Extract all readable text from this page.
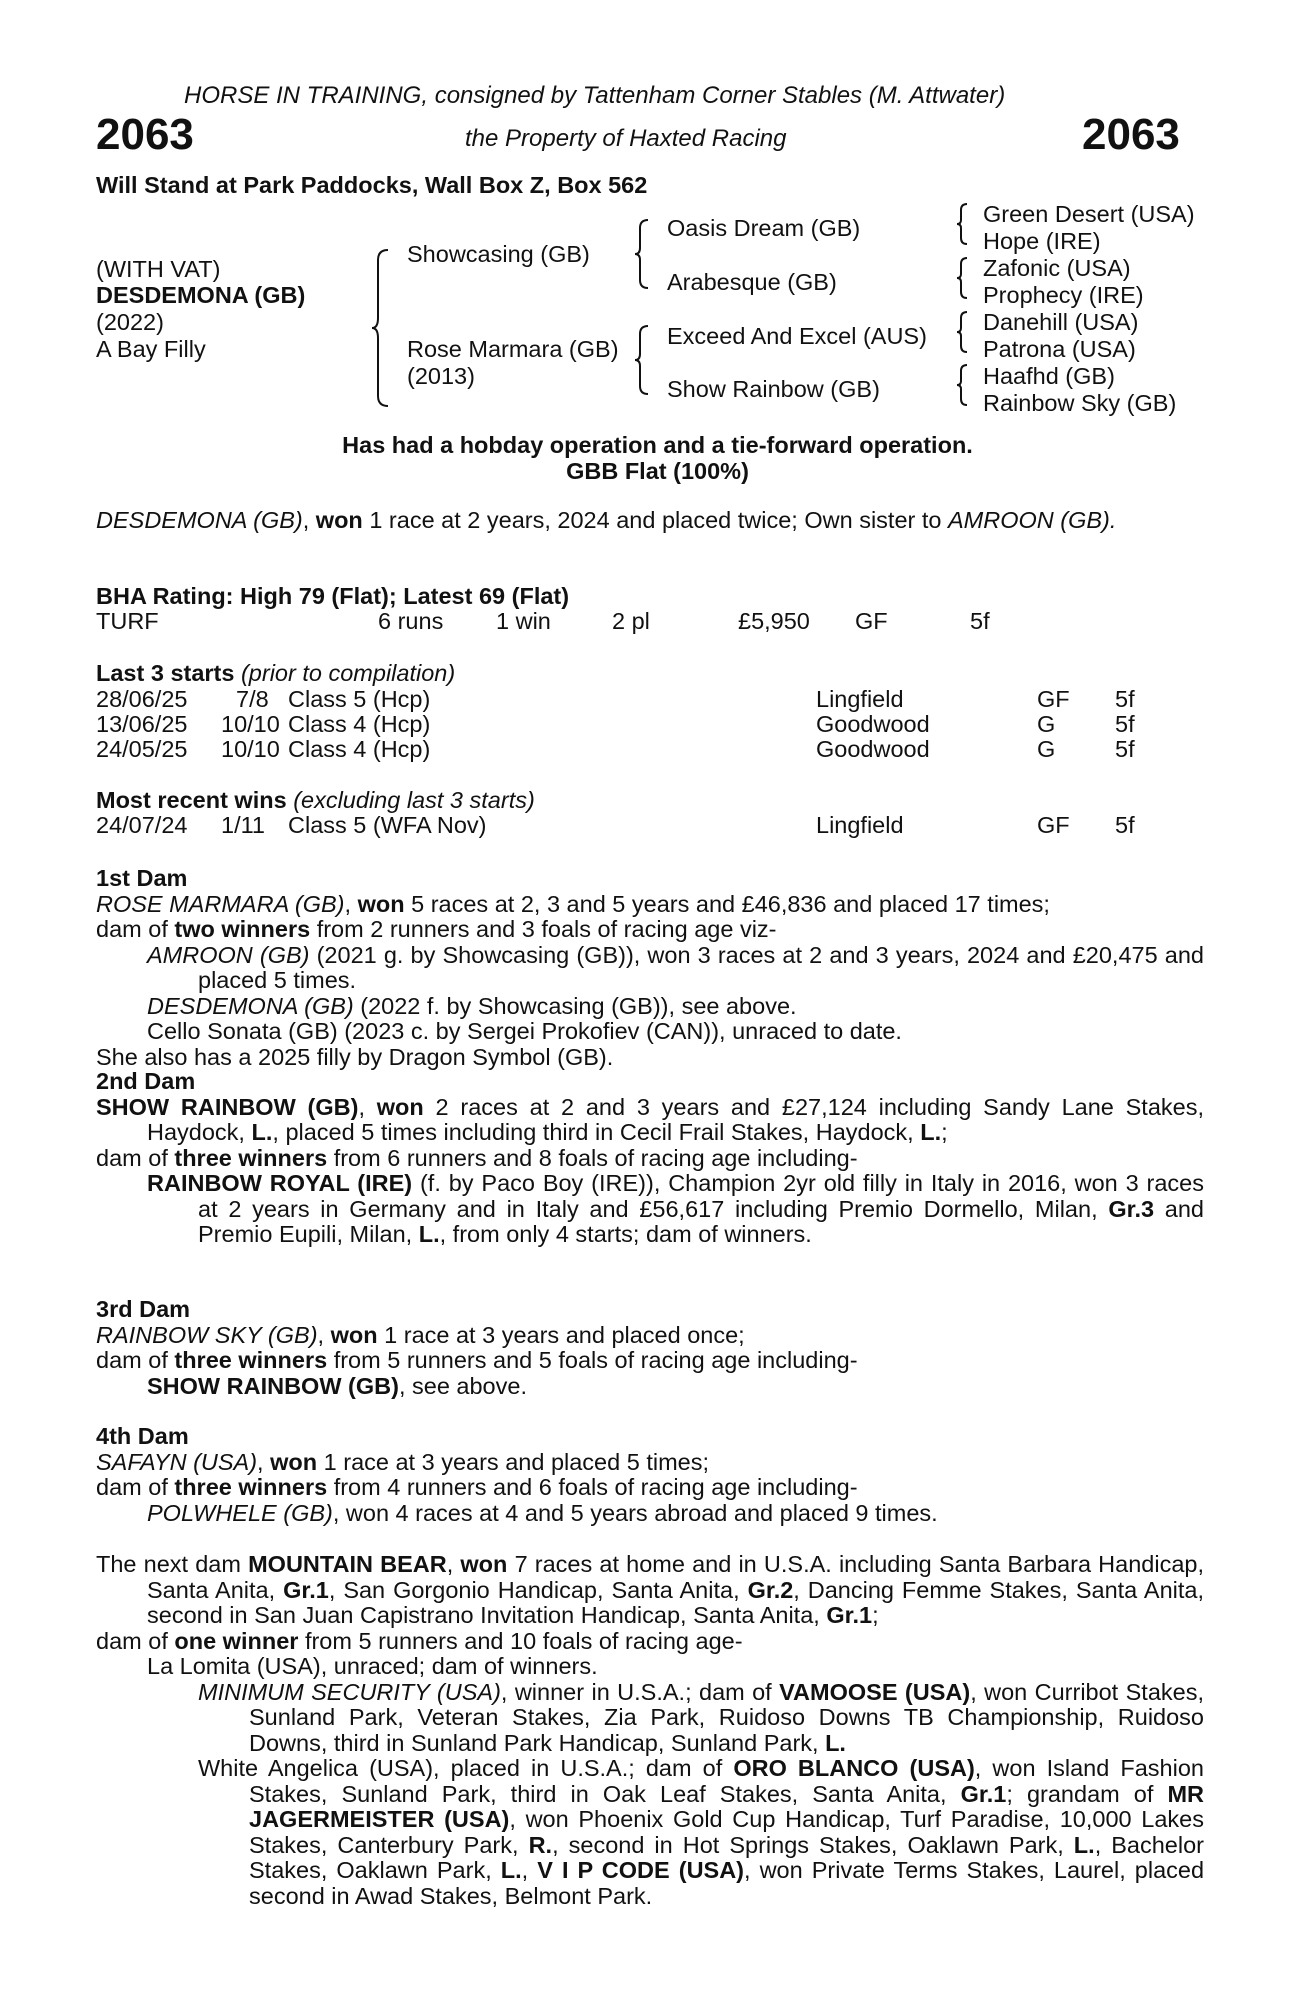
HORSE IN TRAINING, consigned by Tattenham Corner Stables (M. Attwater)
2063	the Property of Haxted Racing	2063
Will Stand at Park Paddocks, Wall Box Z, Box 562
(WITH VAT)
DESDEMONA (GB)
(2022)
A Bay Filly
Showcasing (GB)
Rose Marmara (GB)
(2013)
Oasis Dream (GB)
Arabesque (GB)
Exceed And Excel (AUS)
Show Rainbow (GB)
Green Desert (USA)
Hope (IRE)
Zafonic (USA)
Prophecy (IRE)
Danehill (USA)
Patrona (USA)
Haafhd (GB)
Rainbow Sky (GB)
Has had a hobday operation and a tie-forward operation.
GBB Flat (100%)

DESDEMONA (GB), won 1 race at 2 years, 2024 and placed twice; Own sister to AMROON (GB).

BHA Rating: High 79 (Flat); Latest 69 (Flat)
TURF	6 runs 1 win	2 pl	£5,950 GF	5f
Last 3 starts (prior to compilation)
28/06/25 7/8 Class 5 (Hcp)	Lingfield	GF 5f
13/06/25 10/10 Class 4 (Hcp)	Goodwood	G	5f
24/05/25 10/10 Class 4 (Hcp)	Goodwood	G	5f
Most recent wins (excluding last 3 starts)
24/07/24 1/11 Class 5 (WFA Nov)	Lingfield	GF 5f

1st Dam

ROSE MARMARA (GB), won 5 races at 2, 3 and 5 years and £46,836 and placed 17 times;

dam of two winners from 2 runners and 3 foals of racing age viz-

AMROON (GB) (2021 g. by Showcasing (GB)), won 3 races at 2 and 3 years, 2024 and £20,475 and placed 5 times.

DESDEMONA (GB) (2022 f. by Showcasing (GB)), see above.

Cello Sonata (GB) (2023 c. by Sergei Prokofiev (CAN)), unraced to date.

She also has a 2025 filly by Dragon Symbol (GB).

2nd Dam

SHOW RAINBOW (GB), won 2 races at 2 and 3 years and £27,124 including Sandy Lane Stakes, Haydock, L., placed 5 times including third in Cecil Frail Stakes, Haydock, L.;

dam of three winners from 6 runners and 8 foals of racing age including-

RAINBOW ROYAL (IRE) (f. by Paco Boy (IRE)), Champion 2yr old filly in Italy in 2016, won 3 races at 2 years in Germany and in Italy and £56,617 including Premio Dormello, Milan, Gr.3 and Premio Eupili, Milan, L., from only 4 starts; dam of winners.

3rd Dam

RAINBOW SKY (GB), won 1 race at 3 years and placed once;

dam of three winners from 5 runners and 5 foals of racing age including-

SHOW RAINBOW (GB), see above.

4th Dam

SAFAYN (USA), won 1 race at 3 years and placed 5 times;

dam of three winners from 4 runners and 6 foals of racing age including-

POLWHELE (GB), won 4 races at 4 and 5 years abroad and placed 9 times.

The next dam MOUNTAIN BEAR, won 7 races at home and in U.S.A. including Santa Barbara Handicap, Santa Anita, Gr.1, San Gorgonio Handicap, Santa Anita, Gr.2, Dancing Femme Stakes, Santa Anita, second in San Juan Capistrano Invitation Handicap, Santa Anita, Gr.1;

dam of one winner from 5 runners and 10 foals of racing age-

La Lomita (USA), unraced; dam of winners.

MINIMUM SECURITY (USA), winner in U.S.A.; dam of VAMOOSE (USA), won Curribot Stakes, Sunland Park, Veteran Stakes, Zia Park, Ruidoso Downs TB Championship, Ruidoso Downs, third in Sunland Park Handicap, Sunland Park, L.

White Angelica (USA), placed in U.S.A.; dam of ORO BLANCO (USA), won Island Fashion Stakes, Sunland Park, third in Oak Leaf Stakes, Santa Anita, Gr.1; grandam of MR JAGERMEISTER (USA), won Phoenix Gold Cup Handicap, Turf Paradise, 10,000 Lakes Stakes, Canterbury Park, R., second in Hot Springs Stakes, Oaklawn Park, L., Bachelor Stakes, Oaklawn Park, L., V I P CODE (USA), won Private Terms Stakes, Laurel, placed second in Awad Stakes, Belmont Park.
